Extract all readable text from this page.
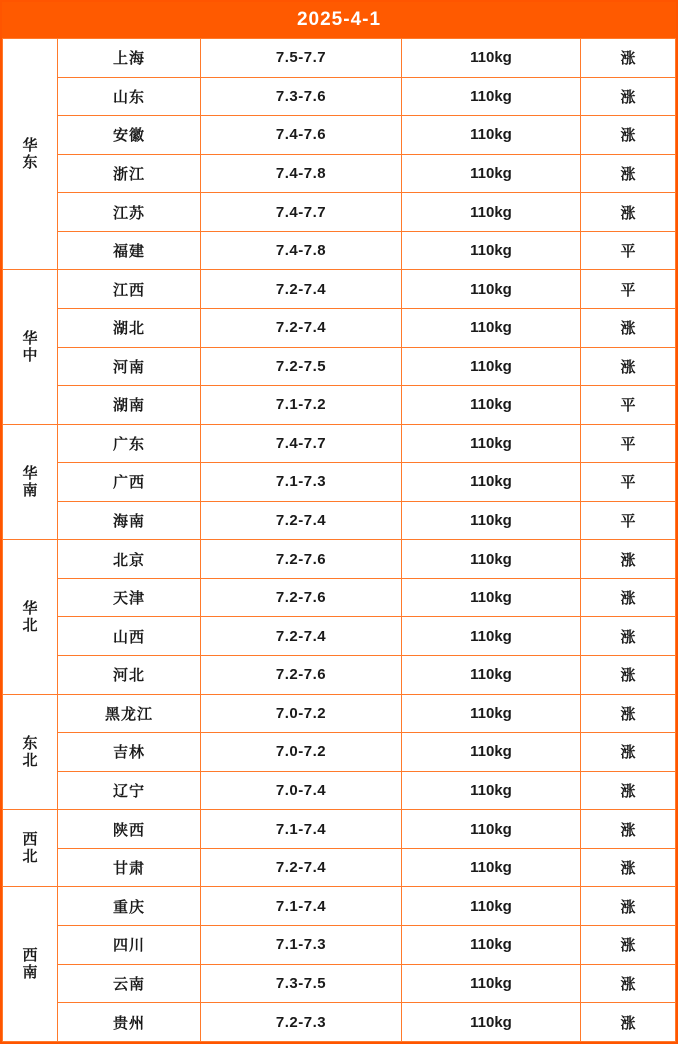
2025-4-1
华东	上海	7.5-7.7	110kg	涨
	山东	7.3-7.6	110kg	涨
	安徽	7.4-7.6	110kg	涨
	浙江	7.4-7.8	110kg	涨
	江苏	7.4-7.7	110kg	涨
	福建	7.4-7.8	110kg	平
华中	江西	7.2-7.4	110kg	平
	湖北	7.2-7.4	110kg	涨
	河南	7.2-7.5	110kg	涨
	湖南	7.1-7.2	110kg	平
华南	广东	7.4-7.7	110kg	平
	广西	7.1-7.3	110kg	平
	海南	7.2-7.4	110kg	平
华北	北京	7.2-7.6	110kg	涨
	天津	7.2-7.6	110kg	涨
	山西	7.2-7.4	110kg	涨
	河北	7.2-7.6	110kg	涨
东北	黑龙江	7.0-7.2	110kg	涨
	吉林	7.0-7.2	110kg	涨
	辽宁	7.0-7.4	110kg	涨
西北	陕西	7.1-7.4	110kg	涨
	甘肃	7.2-7.4	110kg	涨
西南	重庆	7.1-7.4	110kg	涨
	四川	7.1-7.3	110kg	涨
	云南	7.3-7.5	110kg	涨
	贵州	7.2-7.3	110kg	涨
